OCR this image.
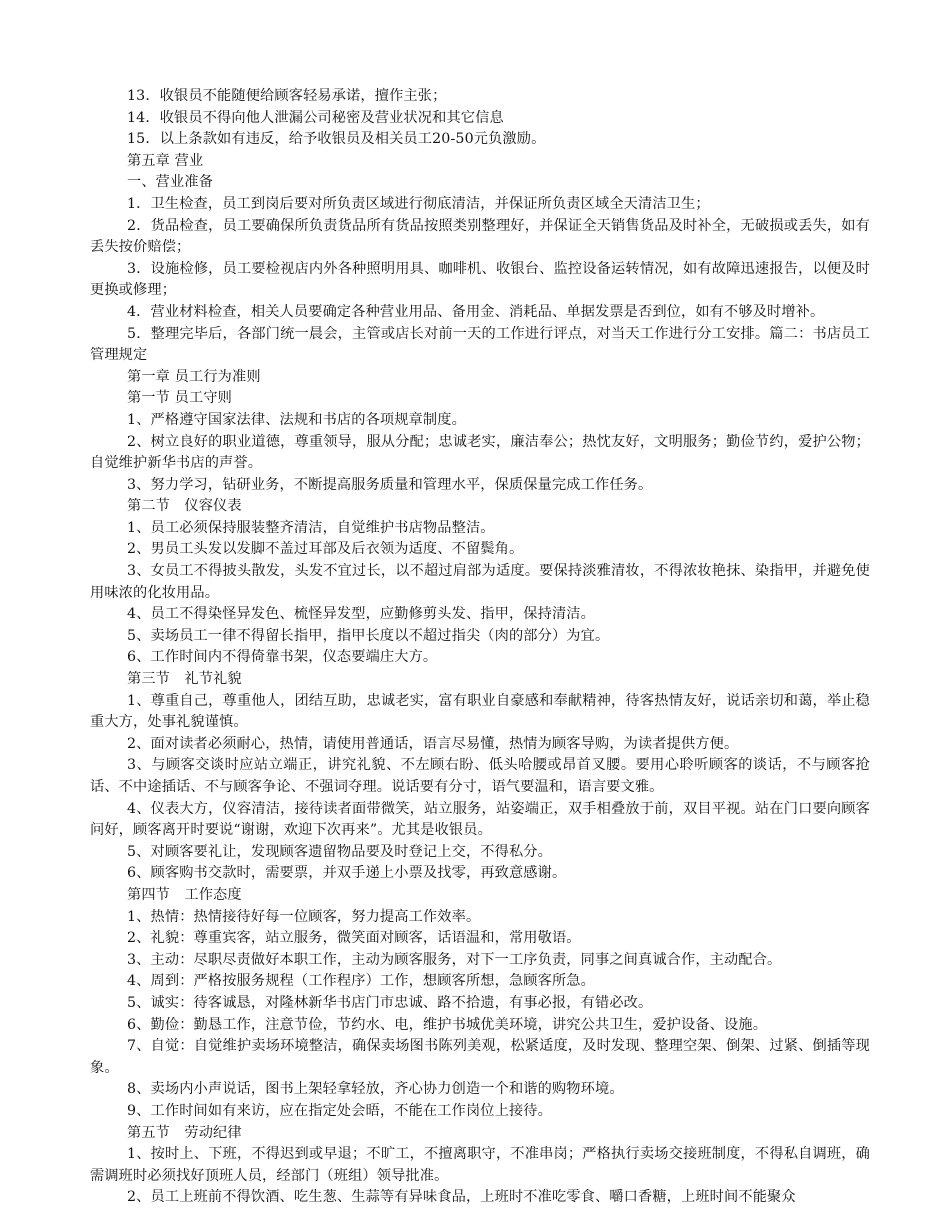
13．收银员不能随便给顾客轻易承诺，擅作主张；

14．收银员不得向他人泄漏公司秘密及营业状况和其它信息

15．以上条款如有违反，给予收银员及相关员工20-50元负激励。

第五章 营业

一、营业准备

1．卫生检查，员工到岗后要对所负责区域进行彻底清洁，并保证所负责区域全天清洁卫生；

2．货品检查，员工要确保所负责货品所有货品按照类别整理好，并保证全天销售货品及时补全，无破损或丢失，如有丢失按价赔偿；

3．设施检修，员工要检视店内外各种照明用具、咖啡机、收银台、监控设备运转情况，如有故障迅速报告，以便及时更换或修理；

4．营业材料检查，相关人员要确定各种营业用品、备用金、消耗品、单据发票是否到位，如有不够及时增补。

5．整理完毕后，各部门统一晨会，主管或店长对前一天的工作进行评点，对当天工作进行分工安排。篇二：书店员工管理规定

第一章 员工行为准则

第一节 员工守则

1、严格遵守国家法律、法规和书店的各项规章制度。

2、树立良好的职业道德，尊重领导，服从分配；忠诚老实，廉洁奉公；热忱友好，文明服务；勤俭节约，爱护公物；自觉维护新华书店的声誉。

3、努力学习，钻研业务，不断提高服务质量和管理水平，保质保量完成工作任务。

第二节　仪容仪表

1、员工必须保持服装整齐清洁，自觉维护书店物品整洁。

2、男员工头发以发脚不盖过耳部及后衣领为适度、不留鬓角。

3、女员工不得披头散发，头发不宜过长，以不超过肩部为适度。要保持淡雅清妆，不得浓妆艳抹、染指甲，并避免使用味浓的化妆用品。

4、员工不得染怪异发色、梳怪异发型，应勤修剪头发、指甲，保持清洁。

5、卖场员工一律不得留长指甲，指甲长度以不超过指尖（肉的部分）为宜。

6、工作时间内不得倚靠书架，仪态要端庄大方。

第三节　礼节礼貌

1、尊重自己，尊重他人，团结互助，忠诚老实，富有职业自豪感和奉献精神，待客热情友好，说话亲切和蔼，举止稳重大方，处事礼貌谨慎。

2、面对读者必须耐心，热情，请使用普通话，语言尽易懂，热情为顾客导购，为读者提供方便。

3、与顾客交谈时应站立端正，讲究礼貌、不左顾右盼、低头哈腰或昂首叉腰。要用心聆听顾客的谈话，不与顾客抢话、不中途插话、不与顾客争论、不强词夺理。说话要有分寸，语气要温和，语言要文雅。

4、仪表大方，仪容清洁，接待读者面带微笑，站立服务，站姿端正，双手相叠放于前，双目平视。站在门口要向顾客问好，顾客离开时要说“谢谢，欢迎下次再来”。尤其是收银员。

5、对顾客要礼让，发现顾客遗留物品要及时登记上交，不得私分。

6、顾客购书交款时，需要票，并双手递上小票及找零，再致意感谢。

第四节　工作态度

1、热情：热情接待好每一位顾客，努力提高工作效率。

2、礼貌：尊重宾客，站立服务，微笑面对顾客，话语温和，常用敬语。

3、主动：尽职尽责做好本职工作，主动为顾客服务，对下一工序负责，同事之间真诚合作，主动配合。

4、周到：严格按服务规程（工作程序）工作，想顾客所想，急顾客所急。

5、诚实：待客诚恳，对隆林新华书店门市忠诚、路不拾遗，有事必报，有错必改。

6、勤俭：勤恳工作，注意节俭，节约水、电，维护书城优美环境，讲究公共卫生，爱护设备、设施。

7、自觉：自觉维护卖场环境整洁，确保卖场图书陈列美观，松紧适度，及时发现、整理空架、倒架、过紧、倒插等现象。

8、卖场内小声说话，图书上架轻拿轻放，齐心协力创造一个和谐的购物环境。

9、工作时间如有来访，应在指定处会晤，不能在工作岗位上接待。

第五节　劳动纪律

1、按时上、下班，不得迟到或早退；不旷工，不擅离职守，不准串岗；严格执行卖场交接班制度，不得私自调班，确需调班时必须找好顶班人员，经部门（班组）领导批准。

2、员工上班前不得饮酒、吃生葱、生蒜等有异味食品，上班时不准吃零食、嚼口香糖，上班时间不能聚众
